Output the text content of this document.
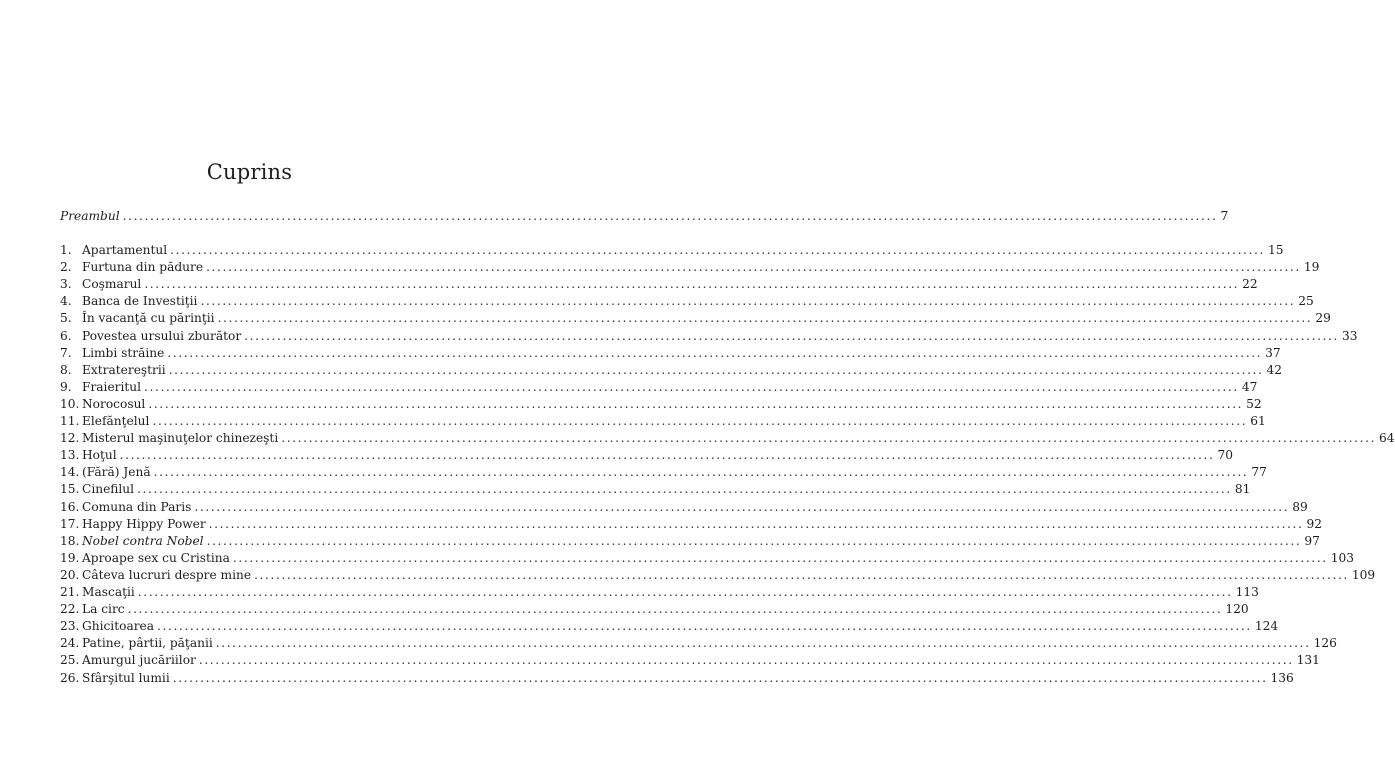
Cuprins
Preambul ........................................................................................................................................................................................................ 7
1. Apartamentul ........................................................................................................................................................................................................ 15
2. Furtuna din pădure ........................................................................................................................................................................................................ 19
3. Coşmarul ........................................................................................................................................................................................................ 22
4. Banca de Investiţii ........................................................................................................................................................................................................ 25
5. În vacanţă cu părinţii ........................................................................................................................................................................................................ 29
6. Povestea ursului zburător ........................................................................................................................................................................................................ 33
7. Limbi străine ........................................................................................................................................................................................................ 37
8. Extratereştrii ........................................................................................................................................................................................................ 42
9. Fraieritul ........................................................................................................................................................................................................ 47
10. Norocosul ........................................................................................................................................................................................................ 52
11. Elefănţelul ........................................................................................................................................................................................................ 61
12. Misterul maşinuţelor chinezeşti ........................................................................................................................................................................................................ 64
13. Hoţul ........................................................................................................................................................................................................ 70
14. (Fără) Jenă ........................................................................................................................................................................................................ 77
15. Cinefilul ........................................................................................................................................................................................................ 81
16. Comuna din Paris ........................................................................................................................................................................................................ 89
17. Happy Hippy Power ........................................................................................................................................................................................................ 92
18. Nobel contra Nobel ........................................................................................................................................................................................................ 97
19. Aproape sex cu Cristina ........................................................................................................................................................................................................ 103
20. Câteva lucruri despre mine ........................................................................................................................................................................................................ 109
21. Mascaţii ........................................................................................................................................................................................................ 113
22. La circ ........................................................................................................................................................................................................ 120
23. Ghicitoarea ........................................................................................................................................................................................................ 124
24. Patine, pârtii, păţanii ........................................................................................................................................................................................................ 126
25. Amurgul jucăriilor ........................................................................................................................................................................................................ 131
26. Sfârşitul lumii ........................................................................................................................................................................................................ 136
